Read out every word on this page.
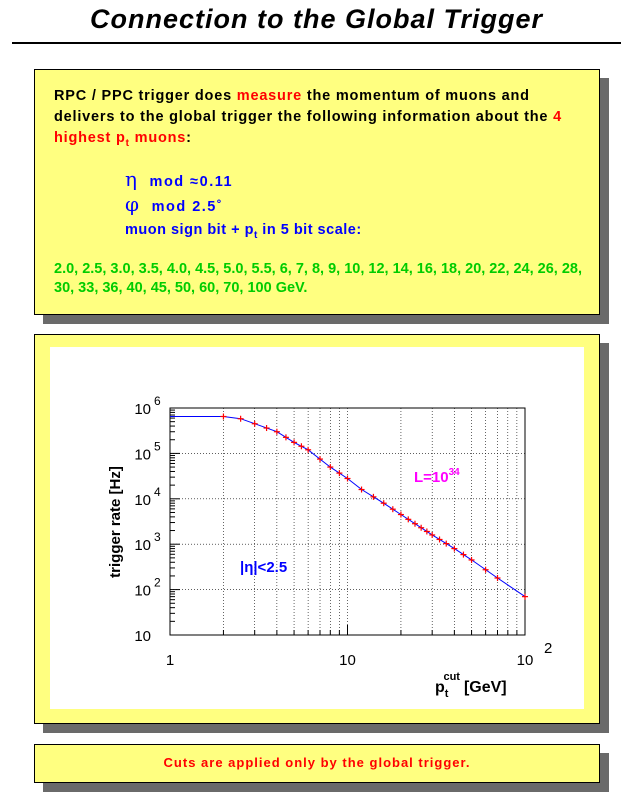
Connection to the Global Trigger
RPC / PPC trigger does measure the momentum of muons and delivers to the global trigger the following information about the 4 highest $p_t$ muons:
η mod ≈0.11
φ mod 2.5˚
muon sign bit + $p_t$ in 5 bit scale:
2.0, 2.5, 3.0, 3.5, 4.0, 4.5, 5.0, 5.5, 6, 7, 8, 9, 10, 12, 14, 16, 18, 20, 22, 24, 26, 28, 30, 33, 36, 40, 45, 50, 60, 70, 100 GeV.
1	10	10
2
10
10 2
10 3
10 4
10 5
10 6
trigger rate [Hz]
$p_tcut[GeV]$
$L=10^{34}$
|η|<2.5
Cuts are applied only by the global trigger.
